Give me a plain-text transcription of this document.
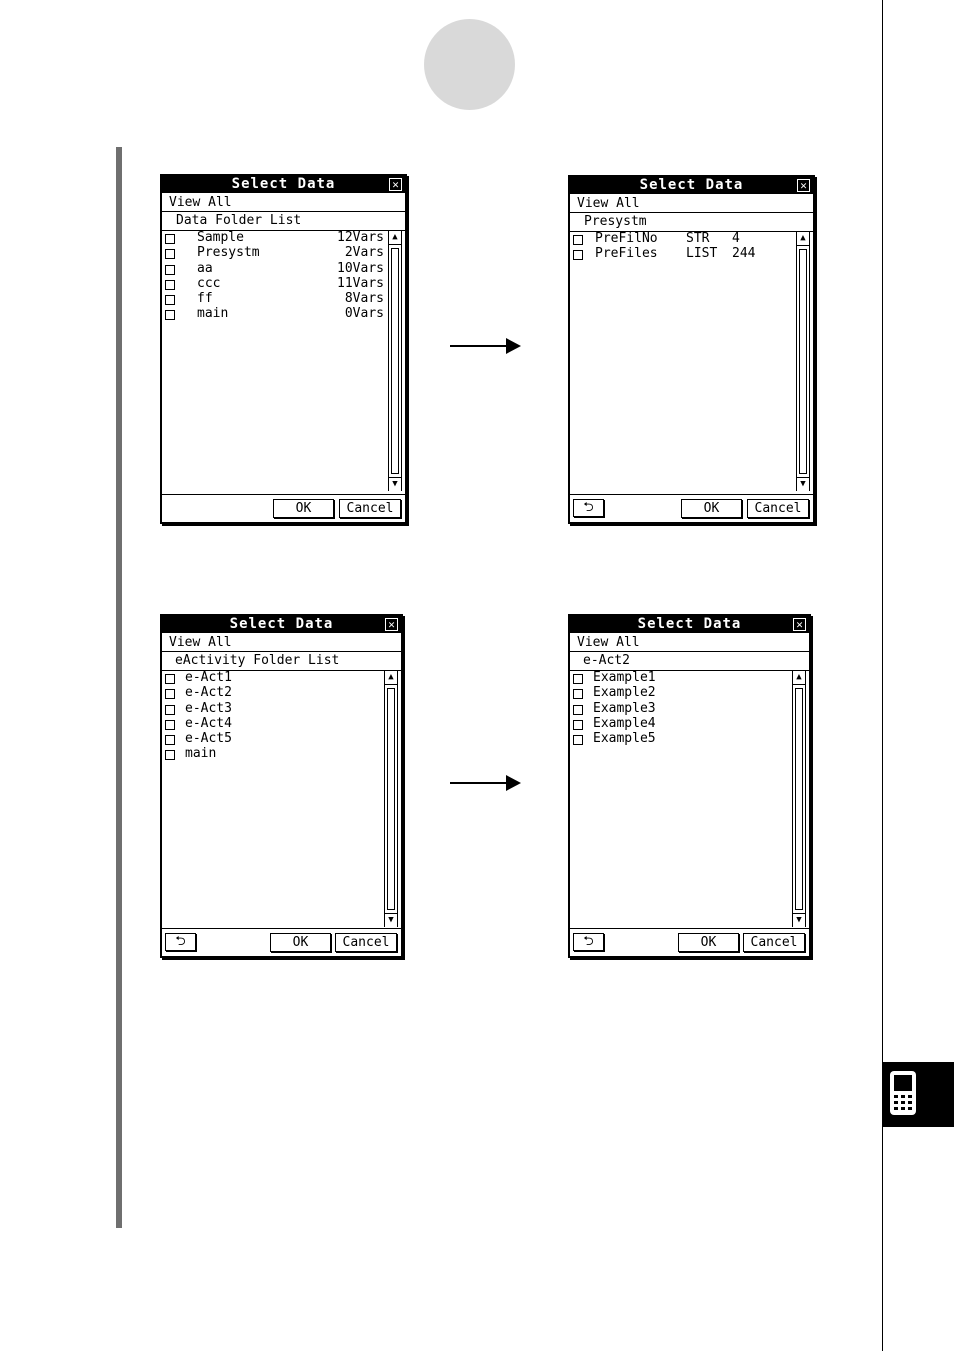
Select Data	✕
View All
Data Folder List
Sample	12Vars
Presystm	2Vars
aa	10Vars
ccc	11Vars
ff	8Vars
main	0Vars
▲
▼
OK	Cancel
Select Data	✕
View All
Presystm
PreFilNo STR 4
PreFiles LIST 244
▲
▼
⮌	OK	Cancel
Select Data	✕
View All
eActivity Folder List
e-Act1
e-Act2
e-Act3
e-Act4
e-Act5
main
▲
▼
⮌	OK	Cancel
Select Data	✕
View All
e-Act2
Example1
Example2
Example3
Example4
Example5
▲
▼
⮌	OK	Cancel
